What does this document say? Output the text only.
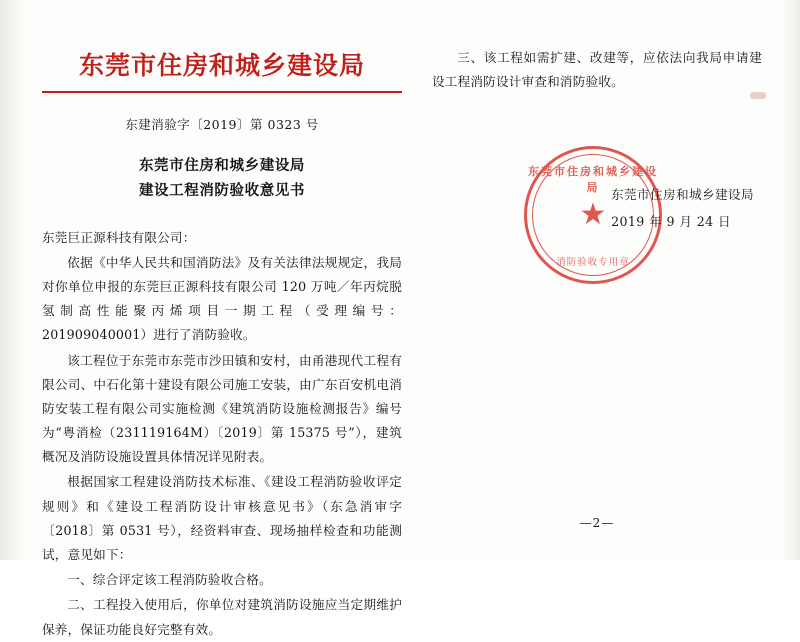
东莞市住房和城乡建设局
东建消验字〔2019〕第 0323 号
东莞市住房和城乡建设局
建设工程消防验收意见书

东莞巨正源科技有限公司：

依据《中华人民共和国消防法》及有关法律法规规定，我局对你单位申报的东莞巨正源科技有限公司 120 万吨／年丙烷脱氢制高性能聚丙烯项目一期工程（受理编号：201909040001）进行了消防验收。

该工程位于东莞市东莞市沙田镇和安村，由甬港现代工程有限公司、中石化第十建设有限公司施工安装，由广东百安机电消防安装工程有限公司实施检测《建筑消防设施检测报告》编号为“粤消检（231119164M）〔2019〕第 15375 号”），建筑概况及消防设施设置具体情况详见附表。

根据国家工程建设消防技术标准、《建设工程消防验收评定规则》和《建设工程消防设计审核意见书》（东急消审字〔2018〕第 0531 号），经资料审查、现场抽样检查和功能测试，意见如下：

一、综合评定该工程消防验收合格。

二、工程投入使用后，你单位对建筑消防设施应当定期维护保养，保证功能良好完整有效。

三、该工程如需扩建、改建等，应依法向我局申请建设工程消防设计审查和消防验收。

东莞市住房和城乡建设局
★
消防验收专用章
东莞市住房和城乡建设局
2019 年 9 月 24 日
—2—
